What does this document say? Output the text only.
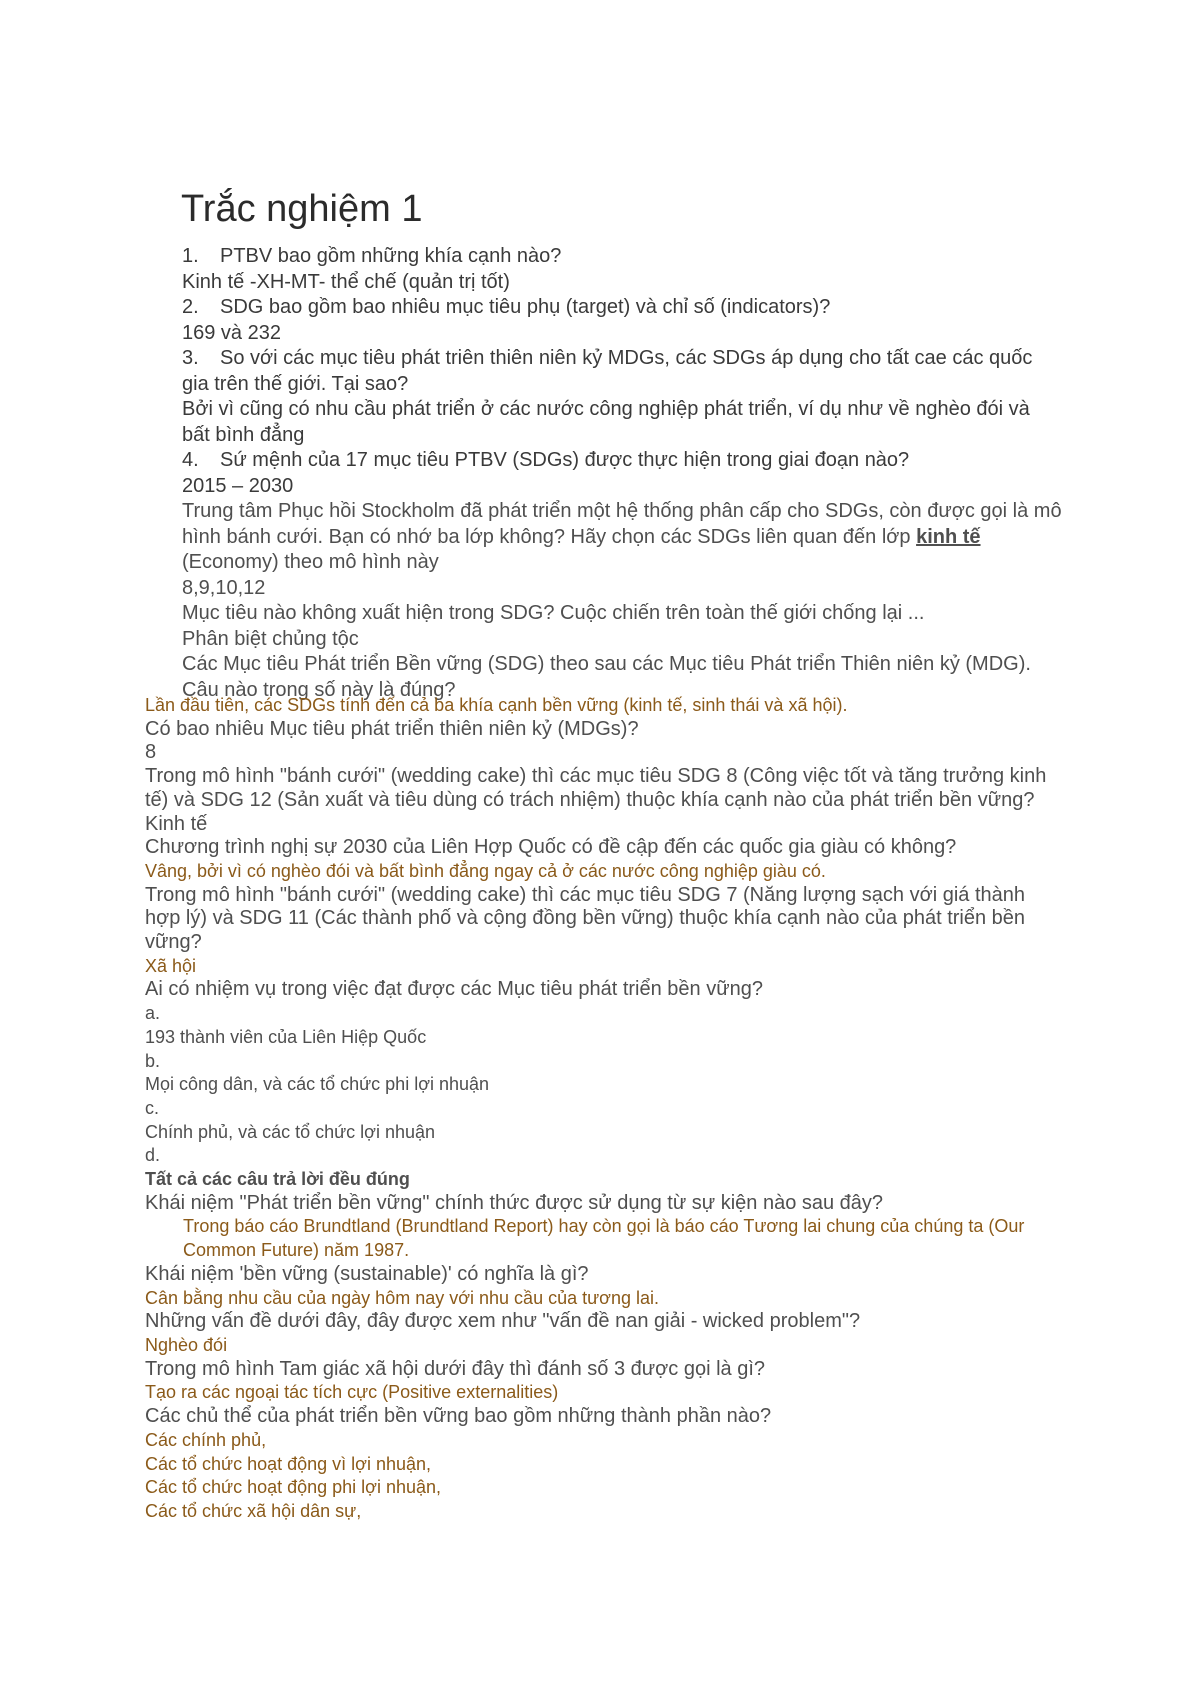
Trắc nghiệm 1
1. PTBV bao gồm những khía cạnh nào?
Kinh tế -XH-MT- thể chế (quản trị tốt)
2. SDG bao gồm bao nhiêu mục tiêu phụ (target) và chỉ số (indicators)?
169 và 232
3. So với các mục tiêu phát triên thiên niên kỷ MDGs, các SDGs áp dụng cho tất cae các quốc gia trên thế giới. Tại sao?
Bởi vì cũng có nhu cầu phát triển ở các nước công nghiệp phát triển, ví dụ như về nghèo đói và bất bình đẳng
4. Sứ mệnh của 17 mục tiêu PTBV (SDGs) được thực hiện trong giai đoạn nào?
2015 – 2030
Trung tâm Phục hồi Stockholm đã phát triển một hệ thống phân cấp cho SDGs, còn được gọi là mô hình bánh cưới. Bạn có nhớ ba lớp không? Hãy chọn các SDGs liên quan đến lớp kinh tế (Economy) theo mô hình này
8,9,10,12
Mục tiêu nào không xuất hiện trong SDG? Cuộc chiến trên toàn thế giới chống lại ...
Phân biệt chủng tộc
Các Mục tiêu Phát triển Bền vững (SDG) theo sau các Mục tiêu Phát triển Thiên niên kỷ (MDG). Câu nào trong số này là đúng?
Lần đầu tiên, các SDGs tính đến cả ba khía cạnh bền vững (kinh tế, sinh thái và xã hội).
Có bao nhiêu Mục tiêu phát triển thiên niên kỷ (MDGs)?
8
Trong mô hình "bánh cưới" (wedding cake) thì các mục tiêu SDG 8 (Công việc tốt và tăng trưởng kinh tế) và SDG 12 (Sản xuất và tiêu dùng có trách nhiệm) thuộc khía cạnh nào của phát triển bền vững?
Kinh tế
Chương trình nghị sự 2030 của Liên Hợp Quốc có đề cập đến các quốc gia giàu có không?
Vâng, bởi vì có nghèo đói và bất bình đẳng ngay cả ở các nước công nghiệp giàu có.
Trong mô hình "bánh cưới" (wedding cake) thì các mục tiêu SDG 7 (Năng lượng sạch với giá thành hợp lý) và SDG 11 (Các thành phố và cộng đồng bền vững) thuộc khía cạnh nào của phát triển bền vững?
Xã hội
Ai có nhiệm vụ trong việc đạt được các Mục tiêu phát triển bền vững?
a.
193 thành viên của Liên Hiệp Quốc
b.
Mọi công dân, và các tổ chức phi lợi nhuận
c.
Chính phủ, và các tổ chức lợi nhuận
d.
Tất cả các câu trả lời đều đúng
Khái niệm "Phát triển bền vững" chính thức được sử dụng từ sự kiện nào sau đây?
Trong báo cáo Brundtland (Brundtland Report) hay còn gọi là báo cáo Tương lai chung của chúng ta (Our Common Future) năm 1987.
Khái niệm 'bền vững (sustainable)' có nghĩa là gì?
Cân bằng nhu cầu của ngày hôm nay với nhu cầu của tương lai.
Những vấn đề dưới đây, đây được xem như "vấn đề nan giải - wicked problem"?
Nghèo đói
Trong mô hình Tam giác xã hội dưới đây thì đánh số 3 được gọi là gì?
Tạo ra các ngoại tác tích cực (Positive externalities)
Các chủ thể của phát triển bền vững bao gồm những thành phần nào?
Các chính phủ,
Các tổ chức hoạt động vì lợi nhuận,
Các tổ chức hoạt động phi lợi nhuận,
Các tổ chức xã hội dân sự,
